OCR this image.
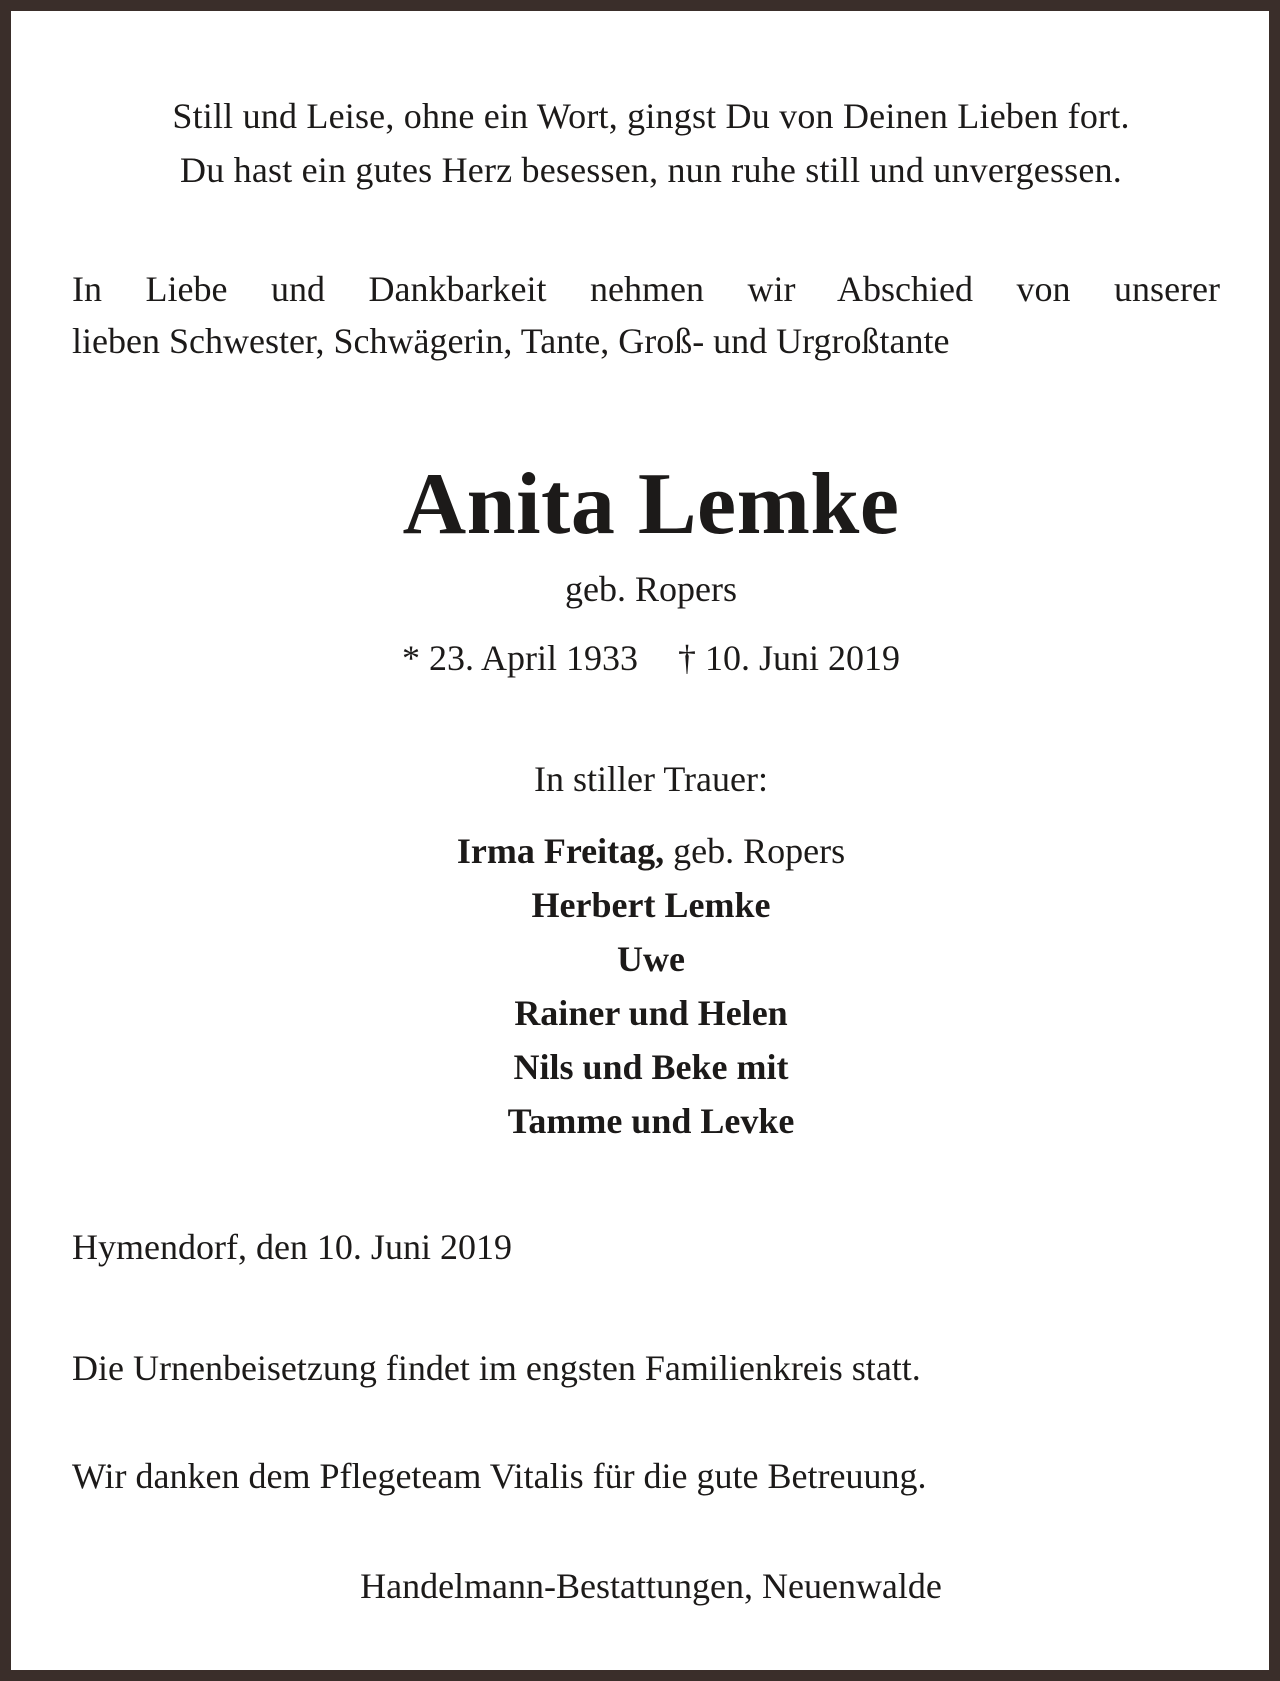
Still und Leise, ohne ein Wort, gingst Du von Deinen Lieben fort.

Du hast ein gutes Herz besessen, nun ruhe still und unvergessen.

In Liebe und Dankbarkeit nehmen wir Abschied von unserer
lieben Schwester, Schwägerin, Tante, Groß- und Urgroßtante

Anita Lemke

geb. Ropers

* 23. April 1933 † 10. Juni 2019

In stiller Trauer:

Irma Freitag, geb. Ropers
Herbert Lemke
Uwe
Rainer und Helen
Nils und Beke mit
Tamme und Levke

Hymendorf, den 10. Juni 2019

Die Urnenbeisetzung findet im engsten Familienkreis statt.

Wir danken dem Pflegeteam Vitalis für die gute Betreuung.

Handelmann-Bestattungen, Neuenwalde
